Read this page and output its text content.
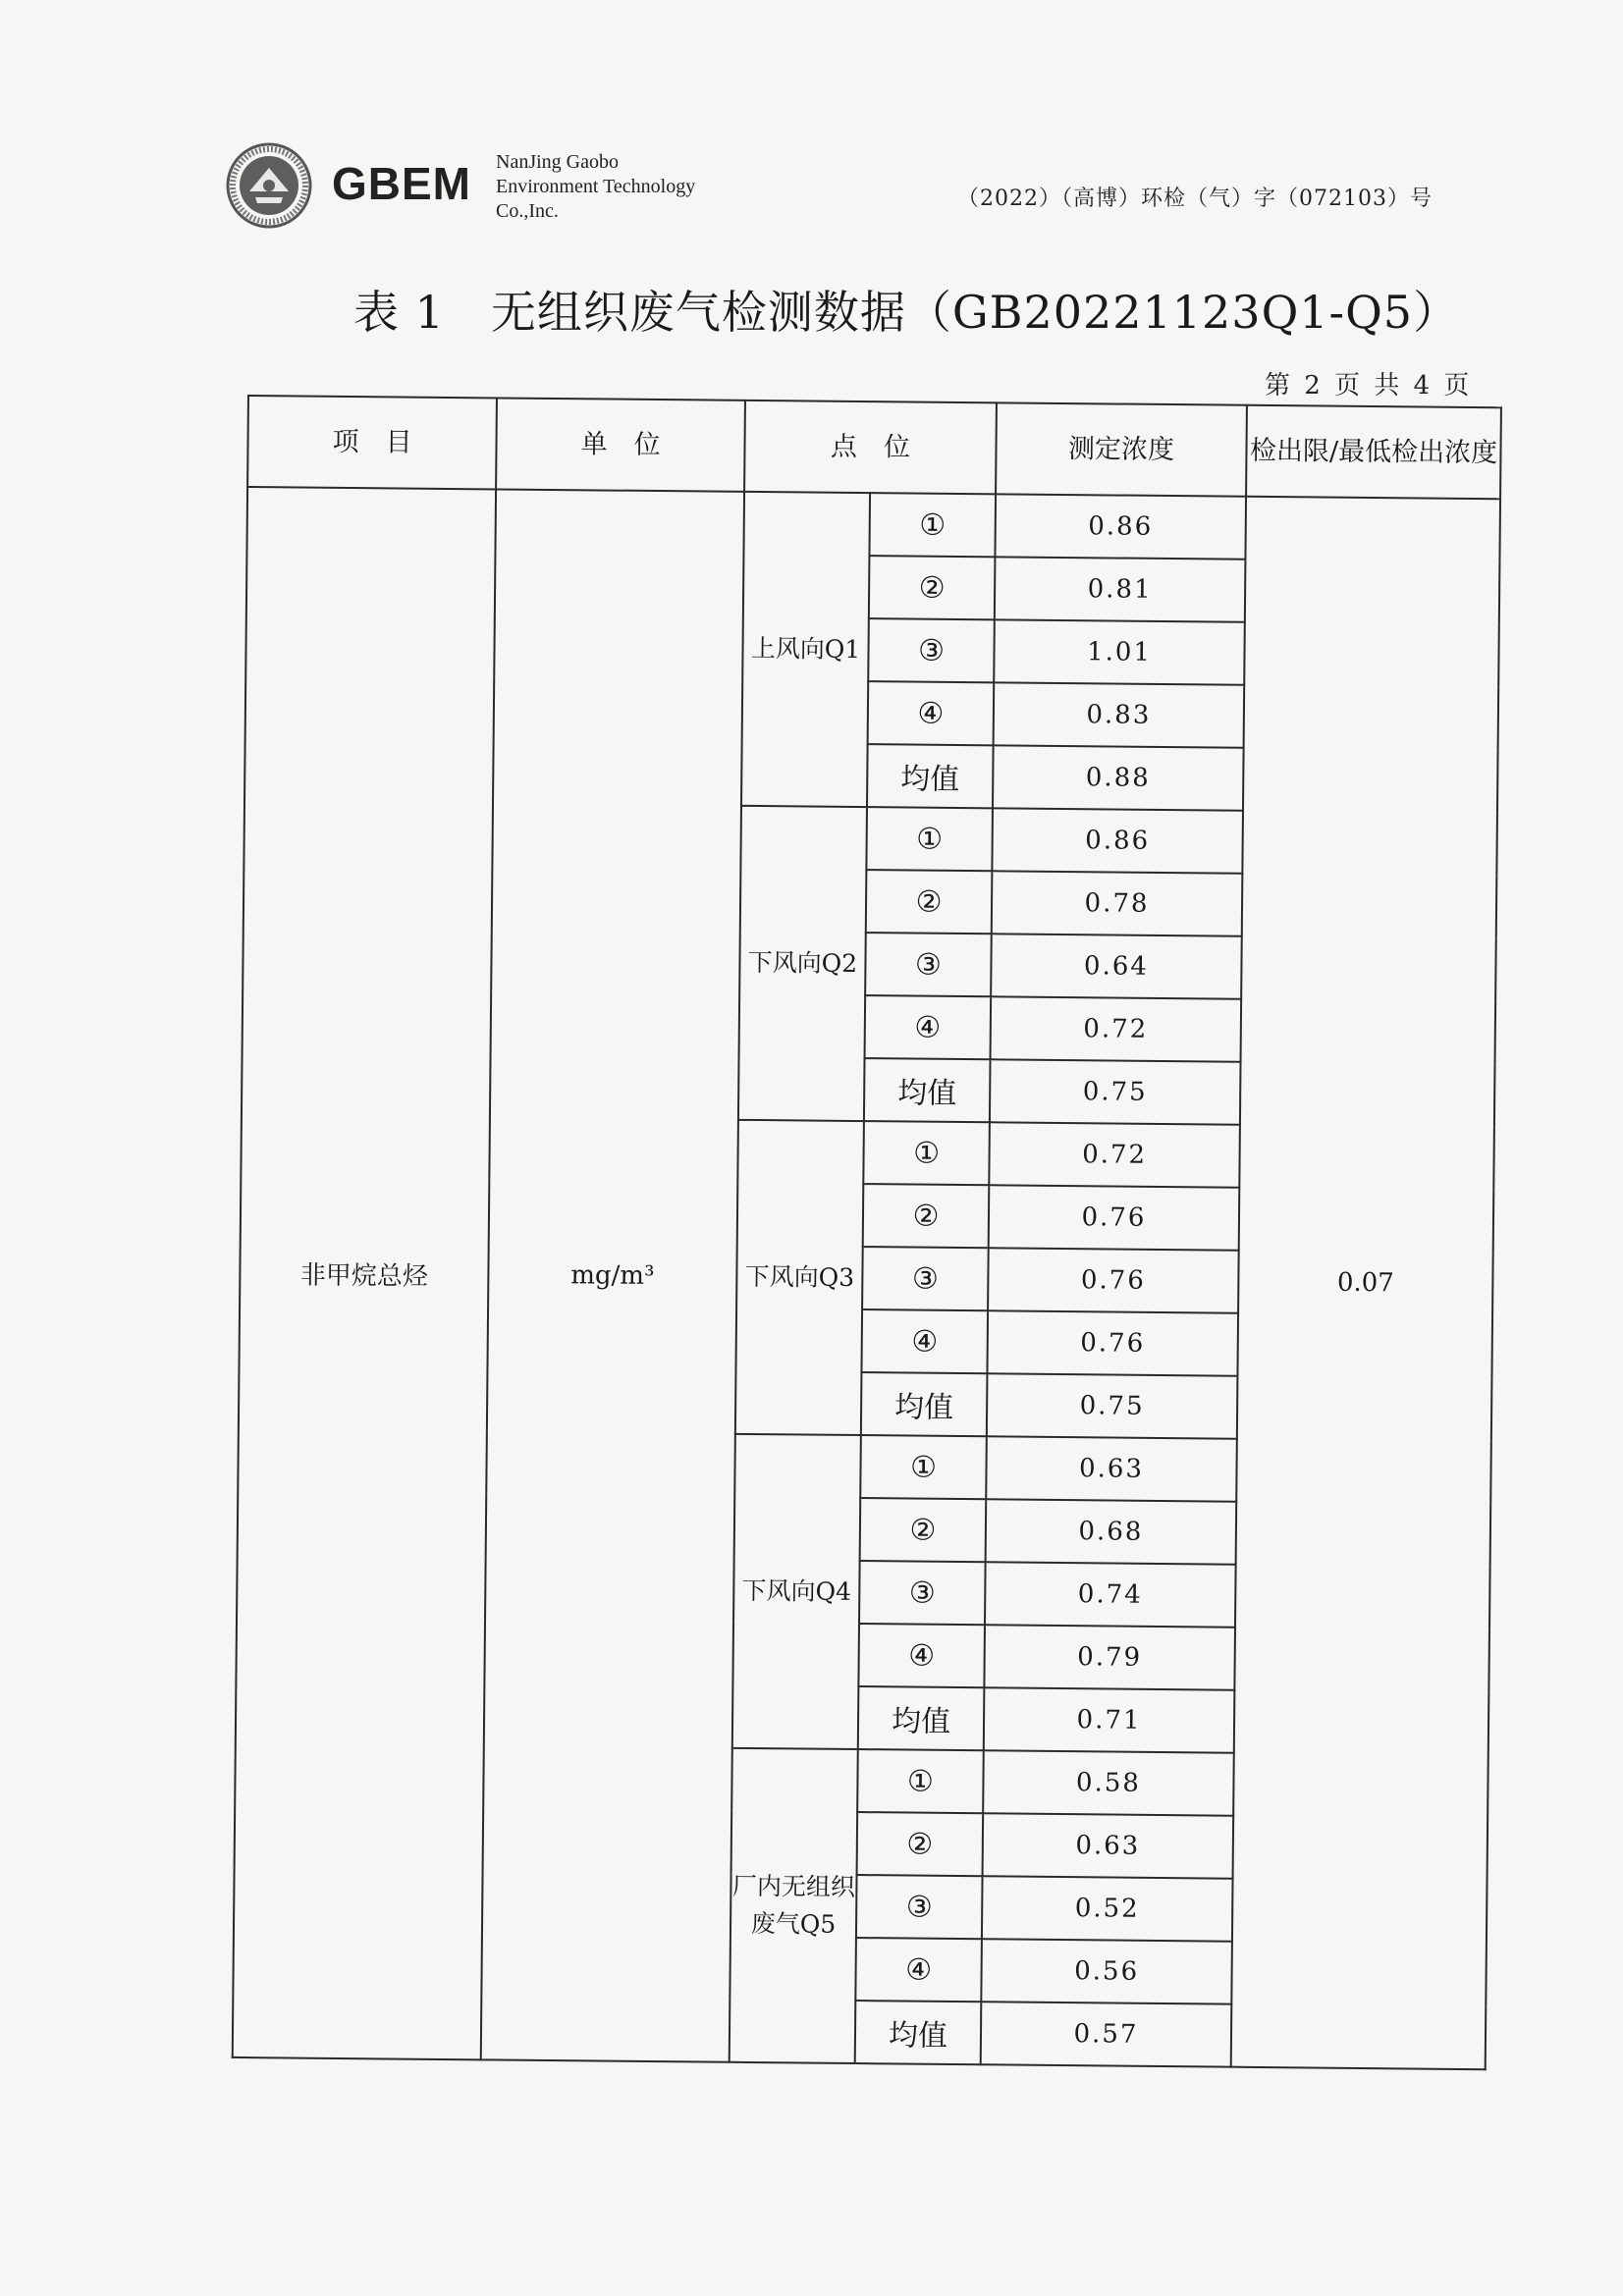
GBEM NanJing Gaobo
Environment Technology
Co.,Inc.	（2022）（高博）环检（气）字（072103）号
表 1　无组织废气检测数据（GB20221123Q1-Q5）
第 2 页 共 4 页
项　目	单　位	点　位		测定浓度	检出限/最低检出浓度
非甲烷总烃	mg/m³	上风向Q1	①	0.86	0.07
			②	0.81	
			③	1.01	
			④	0.83	
			均值	0.88	
		下风向Q2	①	0.86	
			②	0.78	
			③	0.64	
			④	0.72	
			均值	0.75	
		下风向Q3	①	0.72	
			②	0.76	
			③	0.76	
			④	0.76	
			均值	0.75	
		下风向Q4	①	0.63	
			②	0.68	
			③	0.74	
			④	0.79	
			均值	0.71	
		厂内无组织废气Q5	①	0.58	
			②	0.63	
			③	0.52	
			④	0.56	
			均值	0.57	
